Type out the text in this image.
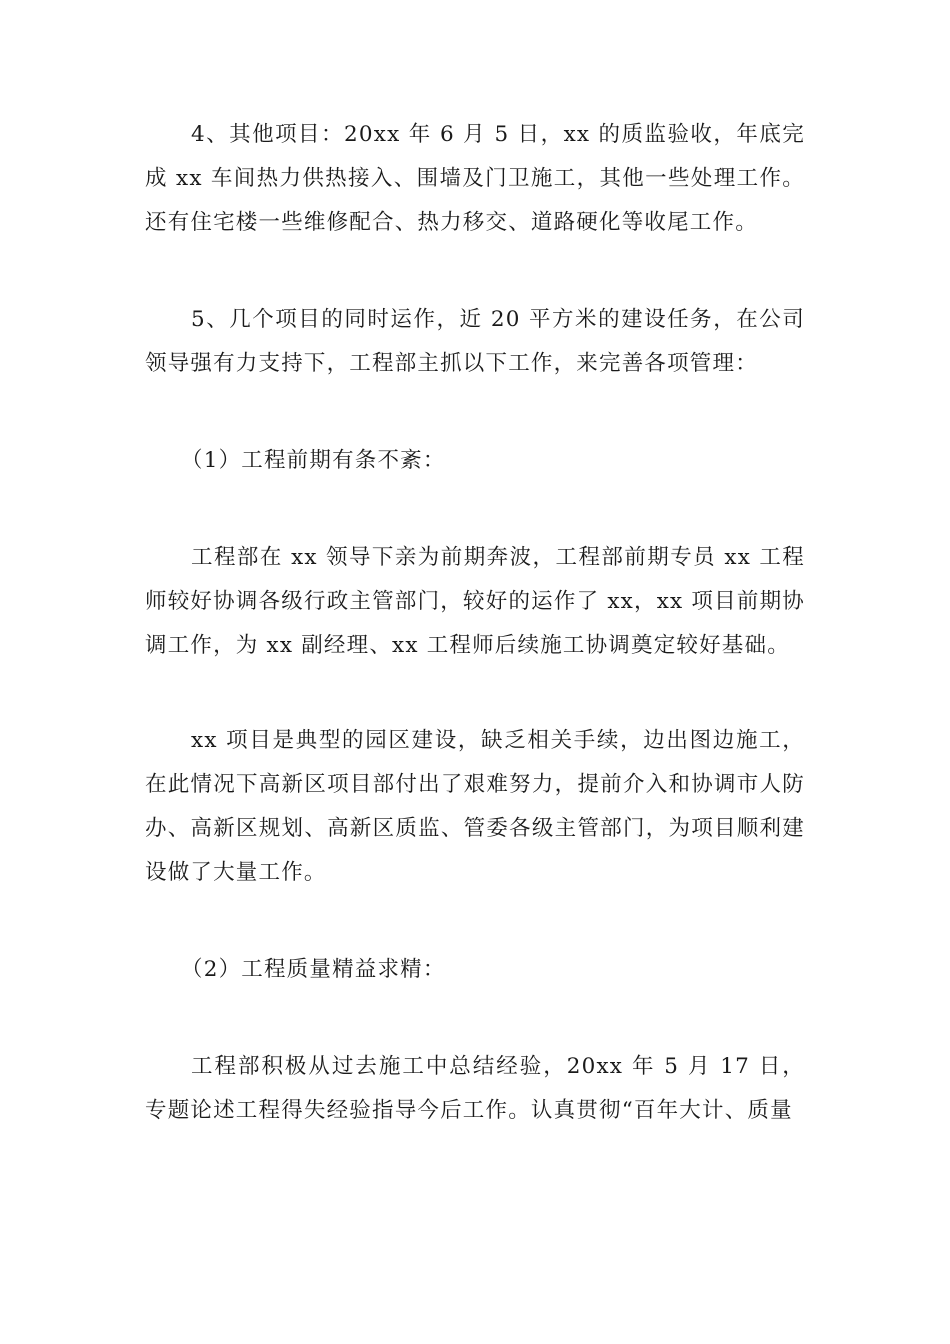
4、其他项目：20xx 年 6 月 5 日，xx 的质监验收，年底完成 xx 车间热力供热接入、围墙及门卫施工，其他一些处理工作。还有住宅楼一些维修配合、热力移交、道路硬化等收尾工作。

5、几个项目的同时运作，近 20 平方米的建设任务，在公司领导强有力支持下，工程部主抓以下工作，来完善各项管理：

（1）工程前期有条不紊：

工程部在 xx 领导下亲为前期奔波，工程部前期专员 xx 工程师较好协调各级行政主管部门，较好的运作了 xx，xx 项目前期协调工作，为 xx 副经理、xx 工程师后续施工协调奠定较好基础。

xx 项目是典型的园区建设，缺乏相关手续，边出图边施工，在此情况下高新区项目部付出了艰难努力，提前介入和协调市人防办、高新区规划、高新区质监、管委各级主管部门，为项目顺利建设做了大量工作。

（2）工程质量精益求精：

工程部积极从过去施工中总结经验，20xx 年 5 月 17 日，专题论述工程得失经验指导今后工作。认真贯彻“百年大计、质量
